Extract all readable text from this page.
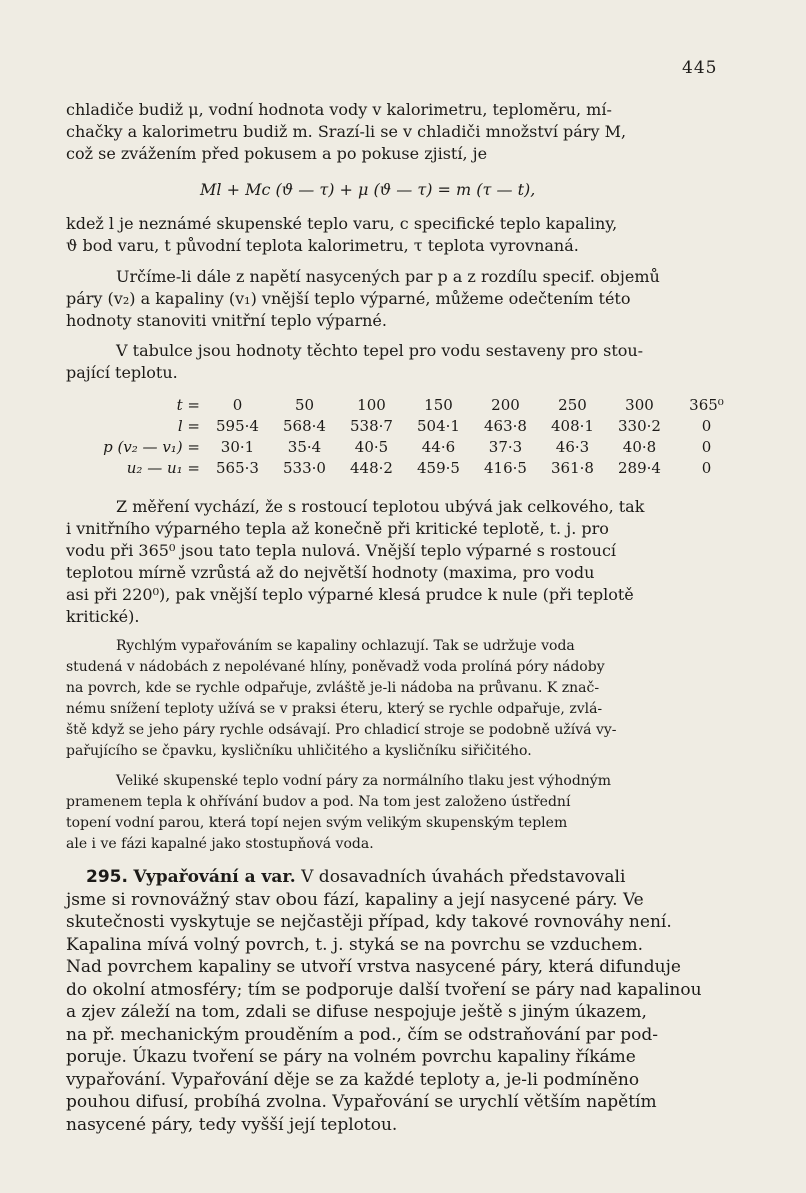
445
chladiče budiž μ, vodní hodnota vody v kalorimetru, teploměru, mí-
chačky a kalorimetru budiž m. Srazí-li se v chladiči množství páry M,
což se zvážením před pokusem a po pokuse zjistí, je
Ml + Mc (ϑ — τ) + μ (ϑ — τ) = m (τ — t),
kdež l je neznámé skupenské teplo varu, c specifické teplo kapaliny,
ϑ bod varu, t původní teplota kalorimetru, τ teplota vyrovnaná.
Určíme-li dále z napětí nasycených par p a z rozdílu specif. objemů
páry (v₂) a kapaliny (v₁) vnější teplo výparné, můžeme odečtením této
hodnoty stanoviti vnitřní teplo výparné.
V tabulce jsou hodnoty těchto tepel pro vodu sestaveny pro stou-
pající teplotu.
t =	0	50	100	150	200	250	300	365⁰
l =	595·4	568·4	538·7	504·1	463·8	408·1	330·2	0
p (v₂ — v₁) =	30·1	35·4	40·5	44·6	37·3	46·3	40·8	0
u₂ — u₁ =	565·3	533·0	448·2	459·5	416·5	361·8	289·4	0
Z měření vychází, že s rostoucí teplotou ubývá jak celkového, tak
i vnitřního výparného tepla až konečně při kritické teplotě, t. j. pro
vodu při 365⁰ jsou tato tepla nulová. Vnější teplo výparné s rostoucí
teplotou mírně vzrůstá až do největší hodnoty (maxima, pro vodu
asi při 220⁰), pak vnější teplo výparné klesá prudce k nule (při teplotě
kritické).
Rychlým vypařováním se kapaliny ochlazují. Tak se udržuje voda
studená v nádobách z nepolévané hlíny, poněvadž voda prolíná póry nádoby
na povrch, kde se rychle odpařuje, zvláště je-li nádoba na průvanu. K znač-
nému snížení teploty užívá se v praksi éteru, který se rychle odpařuje, zvlá-
ště když se jeho páry rychle odsávají. Pro chladicí stroje se podobně užívá vy-
pařujícího se čpavku, kysličníku uhličitého a kysličníku siřičitého.
Veliké skupenské teplo vodní páry za normálního tlaku jest výhodným
pramenem tepla k ohřívání budov a pod. Na tom jest založeno ústřední
topení vodní parou, která topí nejen svým velikým skupenským teplem
ale i ve fázi kapalné jako stostupňová voda.
295. Vypařování a var. V dosavadních úvahách představovali
jsme si rovnovážný stav obou fází, kapaliny a její nasycené páry. Ve
skutečnosti vyskytuje se nejčastěji případ, kdy takové rovnováhy není.
Kapalina mívá volný povrch, t. j. styká se na povrchu se vzduchem.
Nad povrchem kapaliny se utvoří vrstva nasycené páry, která difunduje
do okolní atmosféry; tím se podporuje další tvoření se páry nad kapalinou
a zjev záleží na tom, zdali se difuse nespojuje ještě s jiným úkazem,
na př. mechanickým prouděním a pod., čím se odstraňování par pod-
poruje. Úkazu tvoření se páry na volném povrchu kapaliny říkáme
vypařování. Vypařování děje se za každé teploty a, je-li podmíněno
pouhou difusí, probíhá zvolna. Vypařování se urychlí větším napětím
nasycené páry, tedy vyšší její teplotou.
